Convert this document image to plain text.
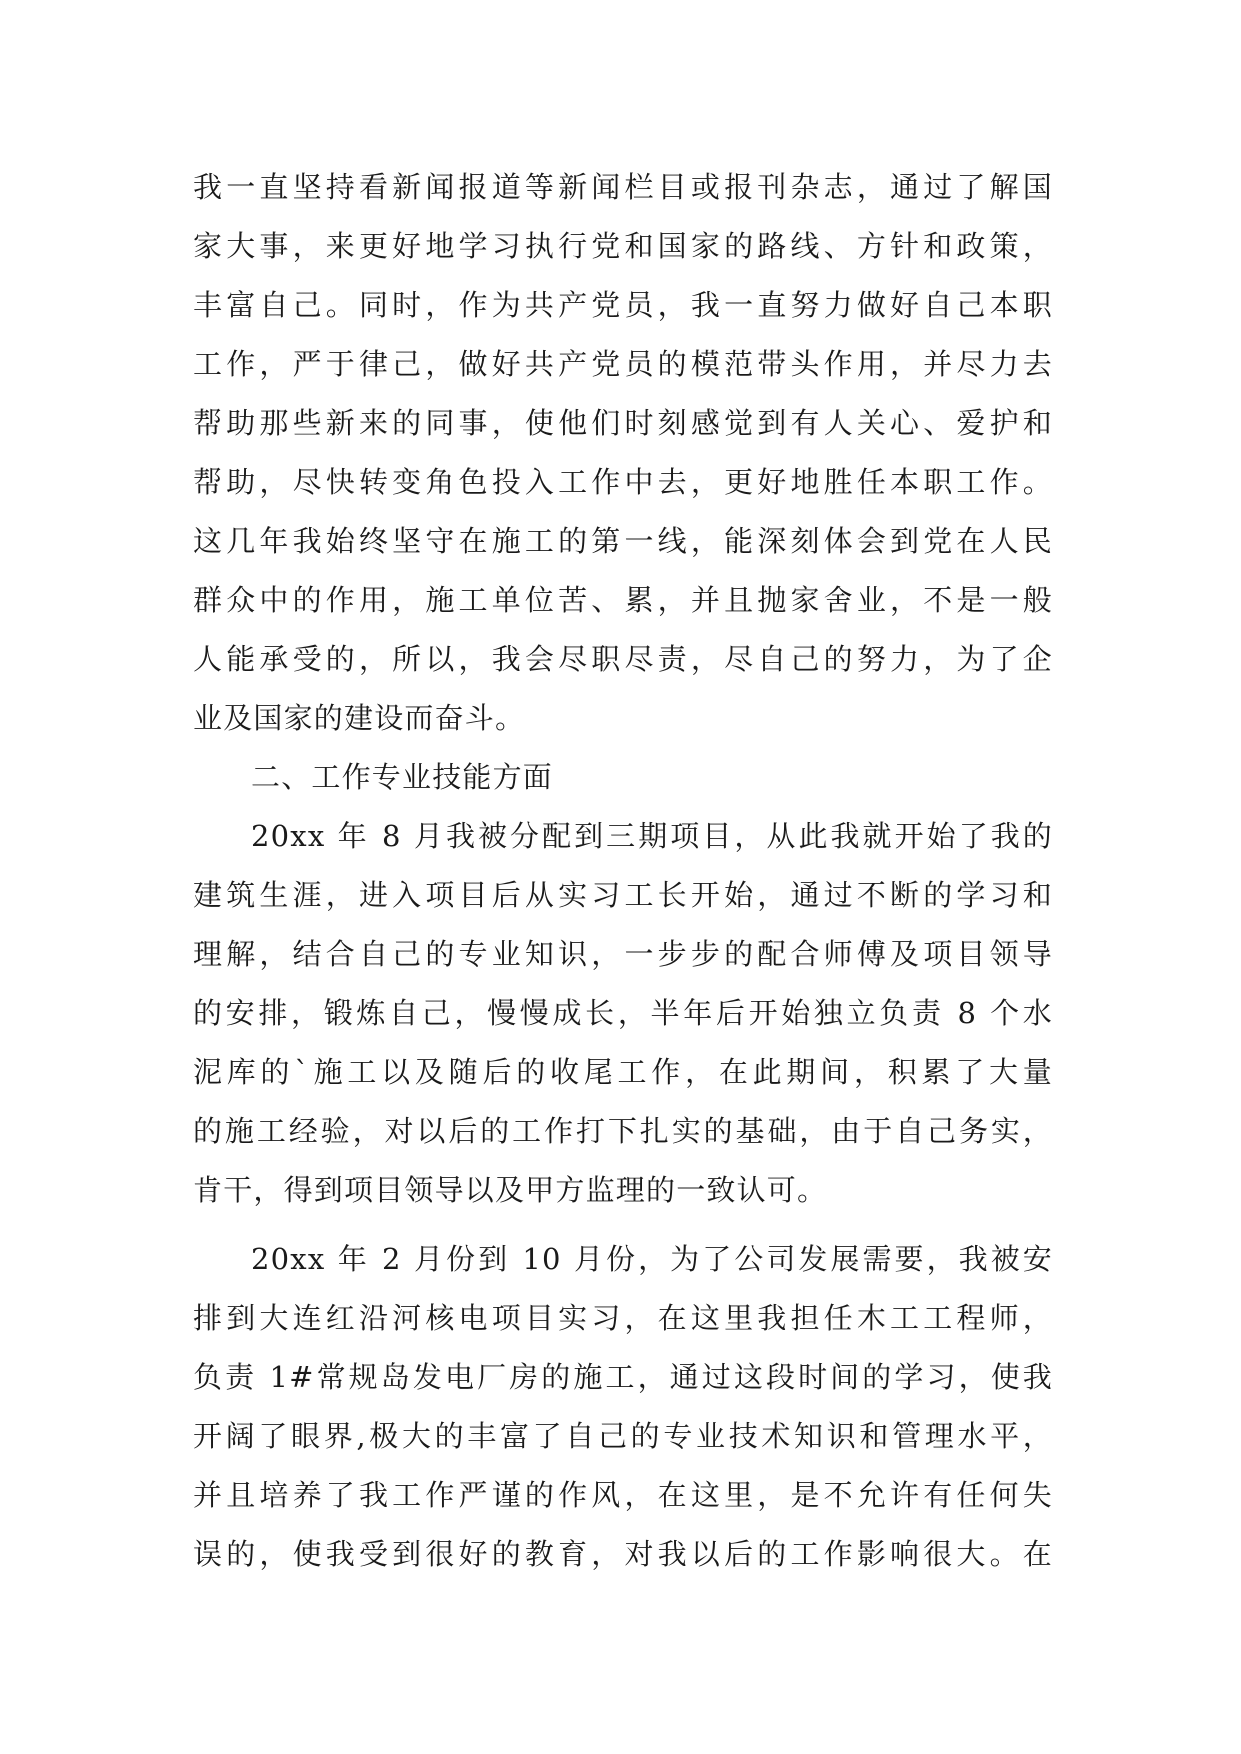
我一直坚持看新闻报道等新闻栏目或报刊杂志，通过了解国
家大事，来更好地学习执行党和国家的路线、方针和政策，
丰富自己。同时，作为共产党员，我一直努力做好自己本职
工作，严于律己，做好共产党员的模范带头作用，并尽力去
帮助那些新来的同事，使他们时刻感觉到有人关心、爱护和
帮助，尽快转变角色投入工作中去，更好地胜任本职工作。
这几年我始终坚守在施工的第一线，能深刻体会到党在人民
群众中的作用，施工单位苦、累，并且抛家舍业，不是一般
人能承受的，所以，我会尽职尽责，尽自己的努力，为了企
业及国家的建设而奋斗。

二、工作专业技能方面

20xx 年 8 月我被分配到三期项目，从此我就开始了我的
建筑生涯，进入项目后从实习工长开始，通过不断的学习和
理解，结合自己的专业知识，一步步的配合师傅及项目领导
的安排，锻炼自己，慢慢成长，半年后开始独立负责 8 个水
泥库的`施工以及随后的收尾工作，在此期间，积累了大量
的施工经验，对以后的工作打下扎实的基础，由于自己务实，
肯干，得到项目领导以及甲方监理的一致认可。

20xx 年 2 月份到 10 月份，为了公司发展需要，我被安
排到大连红沿河核电项目实习，在这里我担任木工工程师，
负责 1#常规岛发电厂房的施工，通过这段时间的学习，使我
开阔了眼界,极大的丰富了自己的专业技术知识和管理水平，
并且培养了我工作严谨的作风，在这里，是不允许有任何失
误的，使我受到很好的教育，对我以后的工作影响很大。在
